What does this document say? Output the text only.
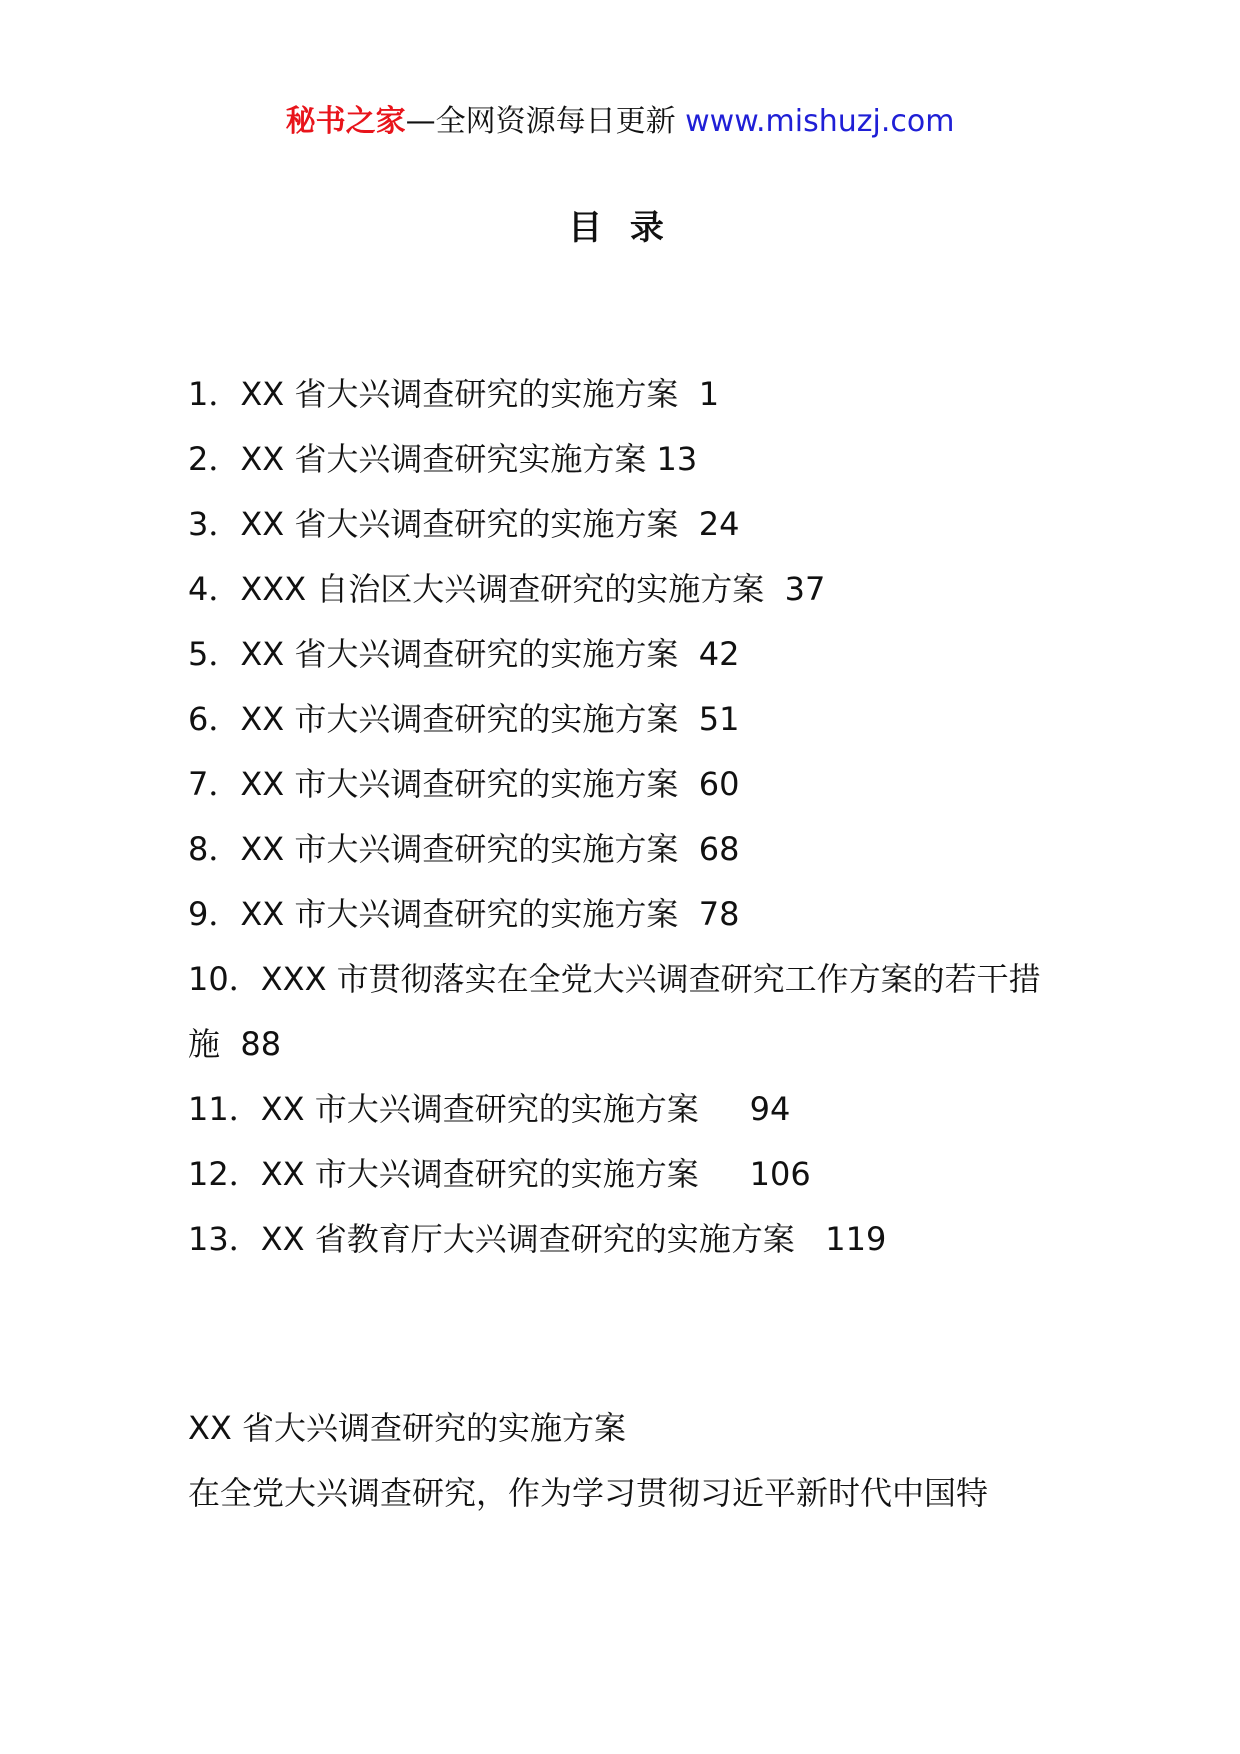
秘书之家—全网资源每日更新 www.mishuzj.com
目 录
1．XX 省大兴调查研究的实施方案  1
2．XX 省大兴调查研究实施方案 13
3．XX 省大兴调查研究的实施方案  24
4．XXX 自治区大兴调查研究的实施方案  37
5．XX 省大兴调查研究的实施方案  42
6．XX 市大兴调查研究的实施方案  51
7．XX 市大兴调查研究的实施方案  60
8．XX 市大兴调查研究的实施方案  68
9．XX 市大兴调查研究的实施方案  78
10．XXX 市贯彻落实在全党大兴调查研究工作方案的若干措施  88
11．XX 市大兴调查研究的实施方案     94
12．XX 市大兴调查研究的实施方案     106
13．XX 省教育厅大兴调查研究的实施方案   119
XX 省大兴调查研究的实施方案
在全党大兴调查研究，作为学习贯彻习近平新时代中国特
